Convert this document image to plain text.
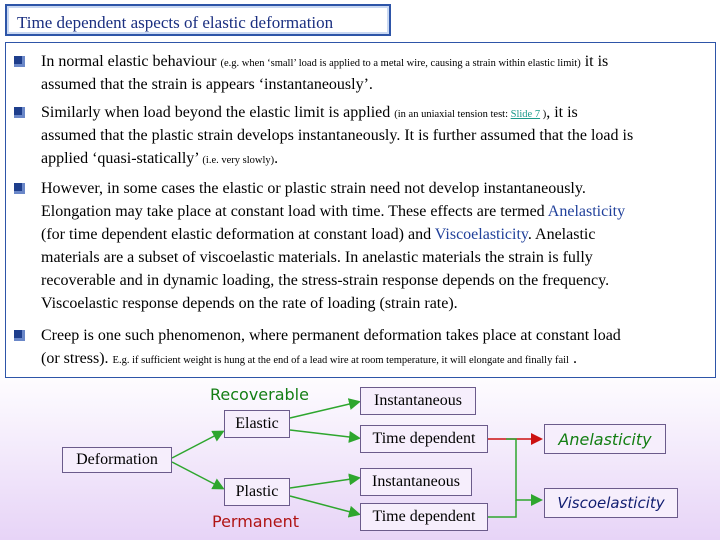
Time dependent aspects of elastic deformation
In normal elastic behaviour (e.g. when ‘small’ load is applied to a metal wire, causing a strain within elastic limit) it is
assumed that the strain is appears ‘instantaneously’.
Similarly when load beyond the elastic limit is applied (in an uniaxial tension test: Slide 7 ), it is
assumed that the plastic strain develops instantaneously. It is further assumed that the load is
applied ‘quasi-statically’ (i.e. very slowly).
However, in some cases the elastic or plastic strain need not develop instantaneously.
Elongation may take place at constant load with time. These effects are termed Anelasticity
(for time dependent elastic deformation at constant load) and Viscoelasticity. Anelastic
materials are a subset of viscoelastic materials. In anelastic materials the strain is fully
recoverable and in dynamic loading, the stress-strain response depends on the frequency.
Viscoelastic response depends on the rate of loading (strain rate).
Creep is one such phenomenon, where permanent deformation takes place at constant load
(or stress). E.g. if sufficient weight is hung at the end of a lead wire at room temperature, it will elongate and finally fail .
Deformation
Recoverable
Elastic
Plastic
Permanent
Instantaneous
Time dependent
Instantaneous
Time dependent
Anelasticity
Viscoelasticity
